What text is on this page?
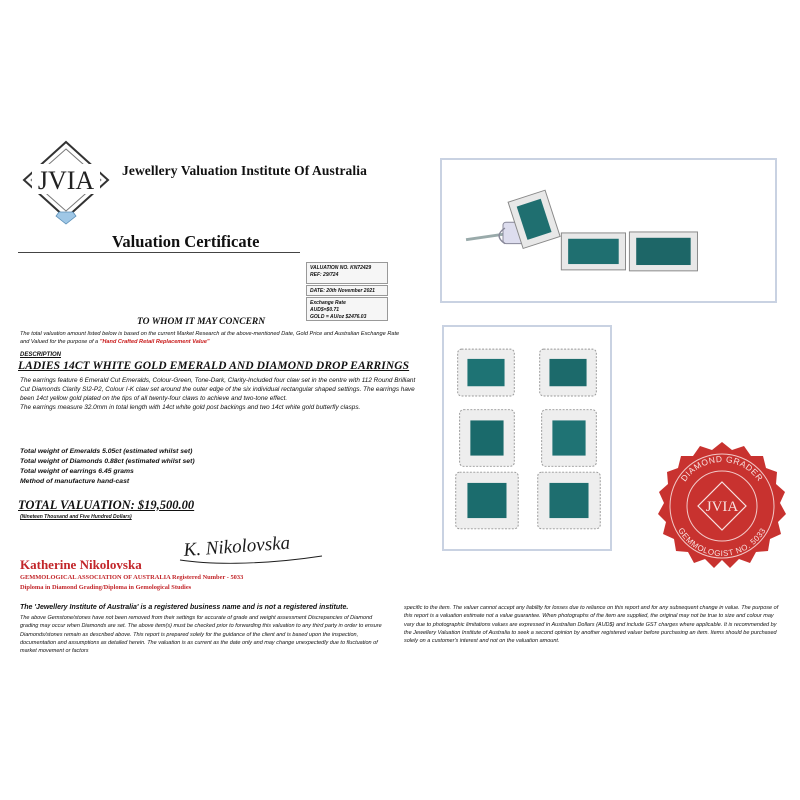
JVIA Jewellery Valuation Institute Of Australia
Valuation Certificate
VALUATION NO. KN72429
REF: 29/724
DATE: 20th November 2021
Exchange Rate
AUD$=$0.71
GOLD = AU/oz $2476.03
TO WHOM IT MAY CONCERN
The total valuation amount listed below is based on the current Market Research at the above-mentioned Date, Gold Price and Australian Exchange Rate and Valued for the purpose of a "Hand Crafted Retail Replacement Value"
DESCRIPTION
LADIES 14CT WHITE GOLD EMERALD AND DIAMOND DROP EARRINGS
The earrings feature 6 Emerald Cut Emeralds, Colour-Green, Tone-Dark, Clarity-Included four claw set in the centre with 112 Round Brilliant Cut Diamonds Clarity SI2-P2, Colour I-K claw set around the outer edge of the six individual rectangular shaped settings. The earrings have been 14ct yellow gold plated on the tips of all twenty-four claws to achieve and two-tone effect.
The earrings measure 32.0mm in total length with 14ct white gold post backings and two 14ct white gold butterfly clasps.
Total weight of Emeralds 5.05ct (estimated whilst set)
Total weight of Diamonds 0.88ct (estimated whilst set)
Total weight of earrings 6.45 grams
Method of manufacture hand-cast
TOTAL VALUATION: $19,500.00
(Nineteen Thousand and Five Hundred Dollars)
Katherine Nikolovska
K. Nikolovska
GEMMOLOGICAL ASSOCIATION OF AUSTRALIA Registered Number - 5033
Diploma in Diamond Grading/Diploma in Gemological Studies
The 'Jewellery Institute of Australia' is a registered business name and is not a registered institute.
The above Gemstone/stones have not been removed from their settings for accurate of grade and weight assessment Discrepancies of Diamond grading may occur when Diamonds are set. The above item(s) must be checked prior to forwarding this valuation to any third party in order to ensure Diamonds/stones remain as described above. This report is prepared solely for the guidance of the client and is based upon the inspection, documentation and assumptions as detailed herein. The valuation is as current as the date only and may change unexpectedly due to fluctuation of market movement or factors
specific to the item. The valuer cannot accept any liability for losses due to reliance on this report and for any subsequent change in value. The purpose of this report is a valuation estimate not a value guarantee. When photographs of the item are supplied, the original may not be true to size and colour may vary due to photographic limitations values are expressed in Australian Dollars (AUD$) and include GST charges where applicable. It is recommended by the Jewellery Valuation Institute of Australia to seek a second opinion by another registered valuer before purchasing an item. Items should be purchased solely on a customer's interest and not on the valuation amount.
DIAMOND GRADER
GEMMOLOGIST NO. 5033
JVIA
